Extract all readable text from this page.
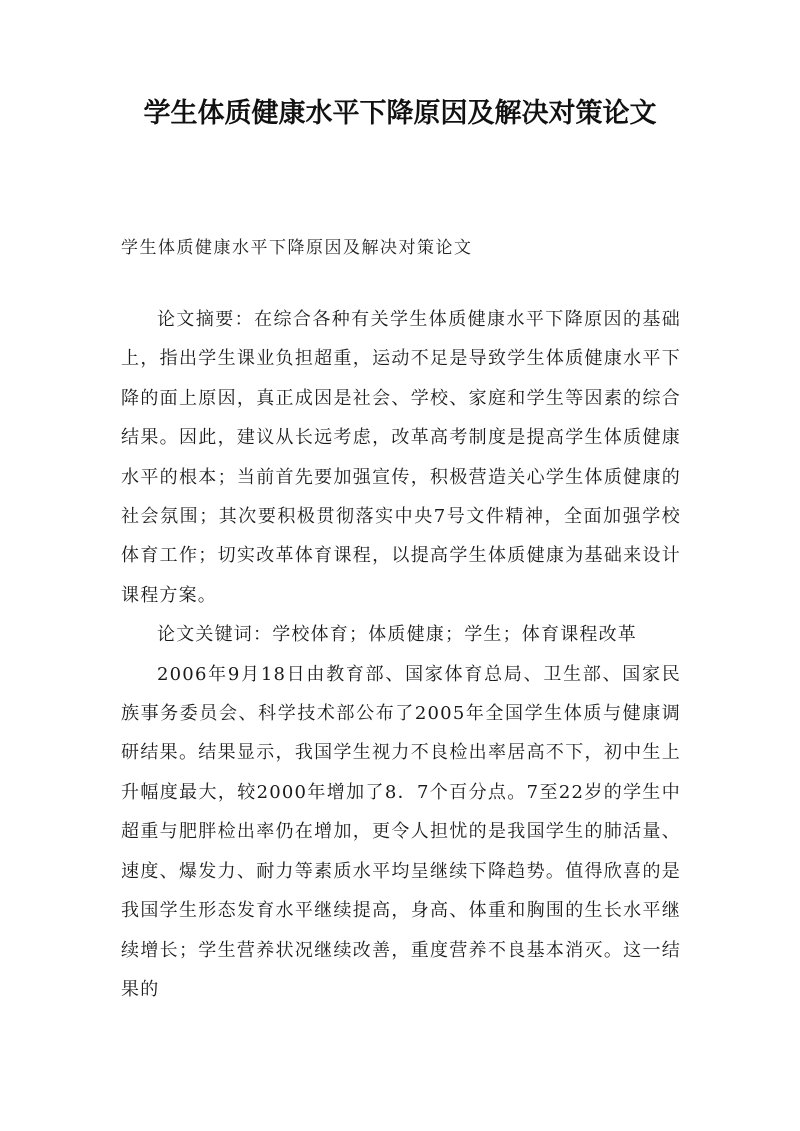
学生体质健康水平下降原因及解决对策论文

学生体质健康水平下降原因及解决对策论文

论文摘要：在综合各种有关学生体质健康水平下降原因的基础上，指出学生课业负担超重，运动不足是导致学生体质健康水平下降的面上原因，真正成因是社会、学校、家庭和学生等因素的综合结果。因此，建议从长远考虑，改革高考制度是提高学生体质健康水平的根本；当前首先要加强宣传，积极营造关心学生体质健康的社会氛围；其次要积极贯彻落实中央7号文件精神，全面加强学校体育工作；切实改革体育课程，以提高学生体质健康为基础来设计课程方案。

论文关键词：学校体育；体质健康；学生；体育课程改革

2006年9月18日由教育部、国家体育总局、卫生部、国家民族事务委员会、科学技术部公布了2005年全国学生体质与健康调研结果。结果显示，我国学生视力不良检出率居高不下，初中生上升幅度最大，较2000年增加了8．7个百分点。7至22岁的学生中超重与肥胖检出率仍在增加，更令人担忧的是我国学生的肺活量、速度、爆发力、耐力等素质水平均呈继续下降趋势。值得欣喜的是我国学生形态发育水平继续提高，身高、体重和胸围的生长水平继续增长；学生营养状况继续改善，重度营养不良基本消灭。这一结果的
